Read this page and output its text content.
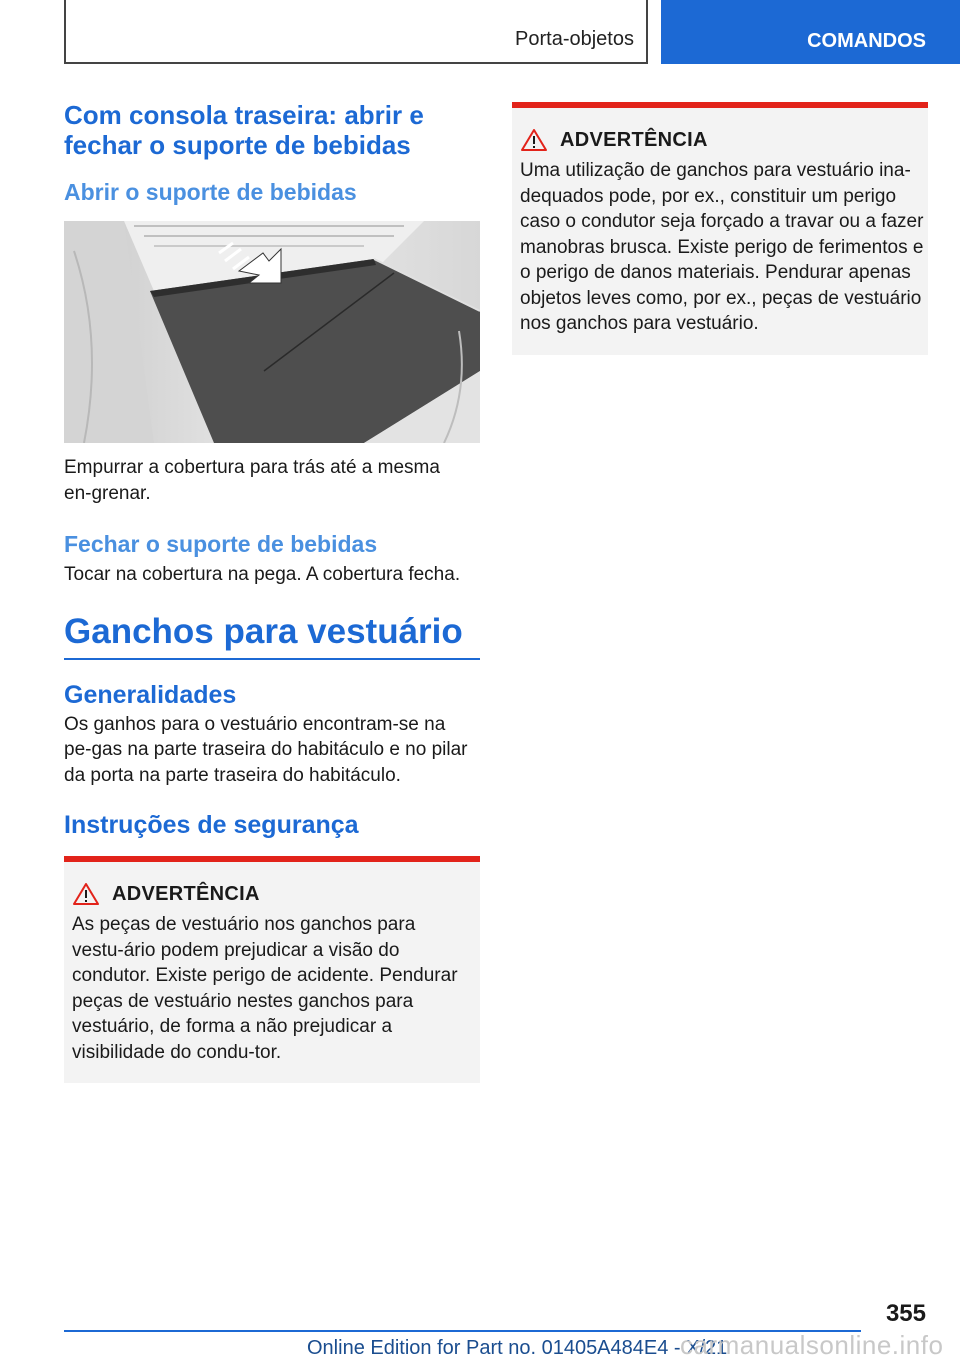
Porta-objetos	COMANDOS
Com consola traseira: abrir e fechar o suporte de bebidas
Abrir o suporte de bebidas

Empurrar a cobertura para trás até a mesma en-grenar.

Fechar o suporte de bebidas

Tocar na cobertura na pega. A cobertura fecha.

Ganchos para vestuário
Generalidades

Os ganhos para o vestuário encontram-se na pe-gas na parte traseira do habitáculo e no pilar da porta na parte traseira do habitáculo.

Instruções de segurança
ADVERTÊNCIA

As peças de vestuário nos ganchos para vestu-ário podem prejudicar a visão do condutor. Existe perigo de acidente. Pendurar peças de vestuário nestes ganchos para vestuário, de forma a não prejudicar a visibilidade do condu-tor.

ADVERTÊNCIA

Uma utilização de ganchos para vestuário ina-dequados pode, por ex., constituir um perigo caso o condutor seja forçado a travar ou a fazer manobras brusca. Existe perigo de ferimentos e o perigo de danos materiais. Pendurar apenas objetos leves como, por ex., peças de vestuário nos ganchos para vestuário.

355
Online Edition for Part no. 01405A484E4 - X/21
carmanualsonline.info
